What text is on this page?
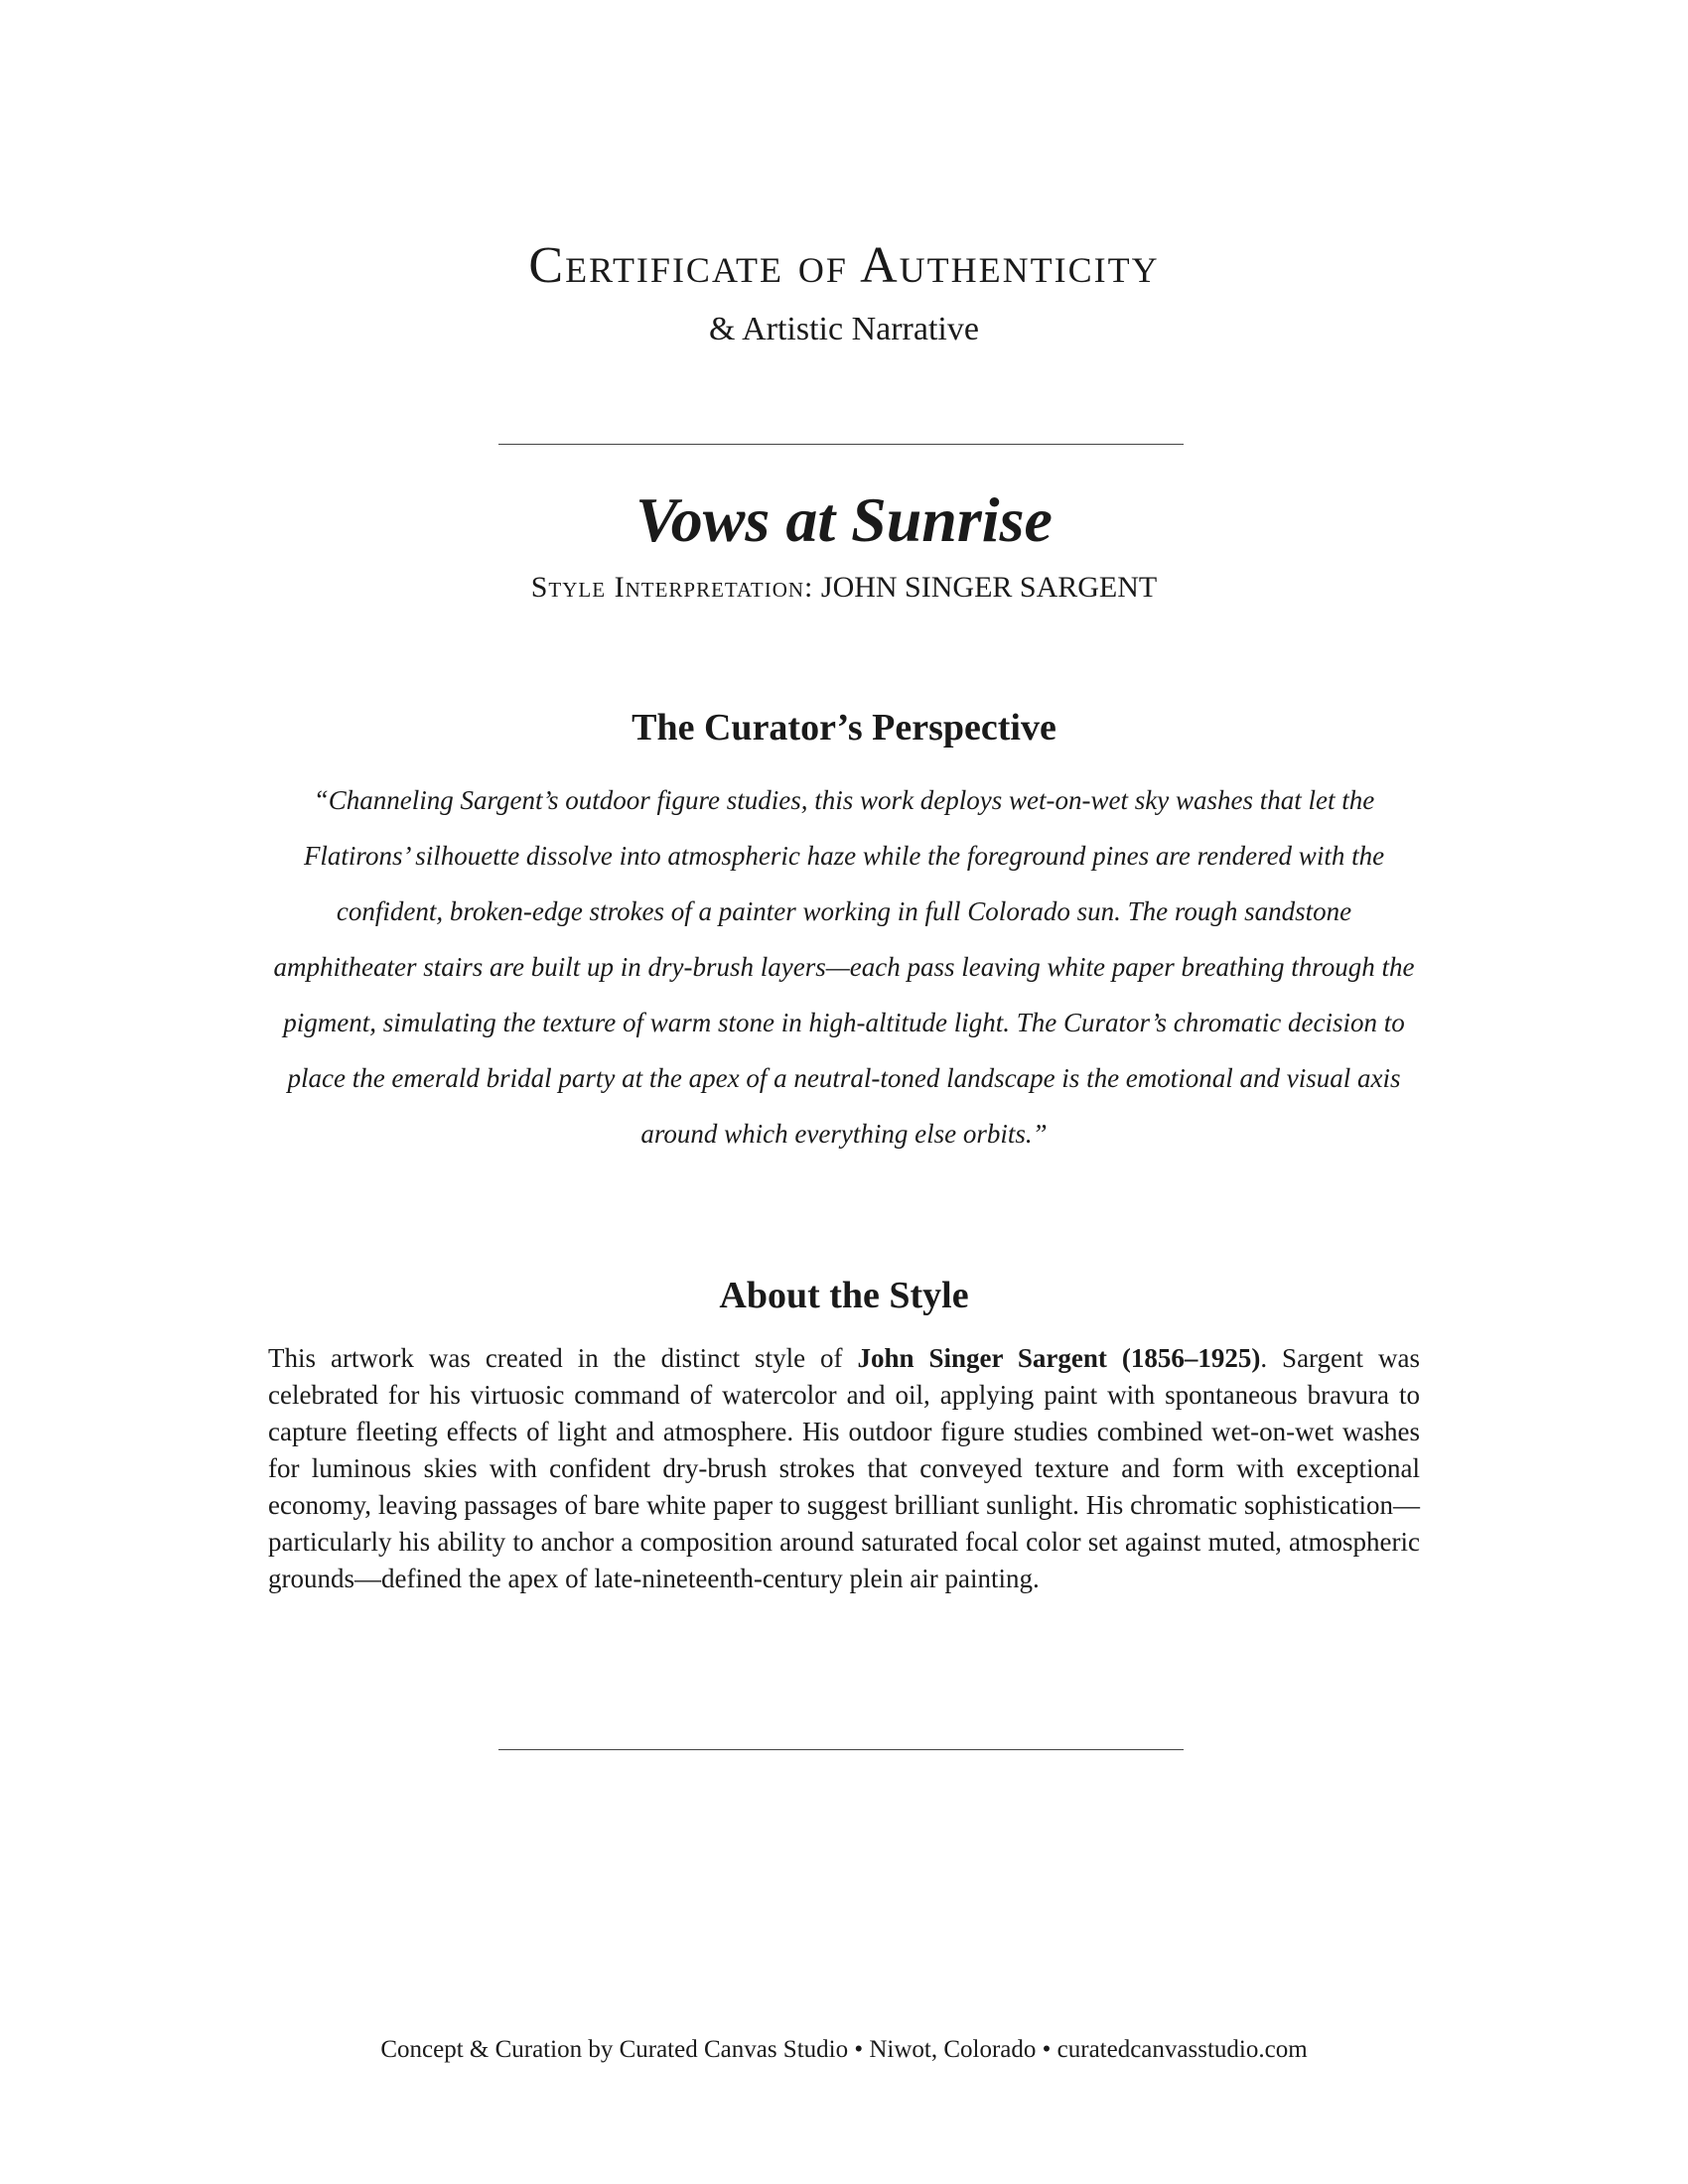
Certificate of Authenticity
& Artistic Narrative
Vows at Sunrise
Style Interpretation: JOHN SINGER SARGENT
The Curator’s Perspective
“Channeling Sargent’s outdoor figure studies, this work deploys wet-on-wet sky washes that let the Flatirons’ silhouette dissolve into atmospheric haze while the foreground pines are rendered with the confident, broken-edge strokes of a painter working in full Colorado sun. The rough sandstone amphitheater stairs are built up in dry-brush layers—each pass leaving white paper breathing through the pigment, simulating the texture of warm stone in high-altitude light. The Curator’s chromatic decision to place the emerald bridal party at the apex of a neutral-toned landscape is the emotional and visual axis around which everything else orbits.”
About the Style
This artwork was created in the distinct style of John Singer Sargent (1856–1925). Sargent was celebrated for his virtuosic command of watercolor and oil, applying paint with spontaneous bravura to capture fleeting effects of light and atmosphere. His outdoor figure studies combined wet-on-wet washes for luminous skies with confident dry-brush strokes that conveyed texture and form with exceptional economy, leaving passages of bare white paper to suggest brilliant sunlight. His chromatic sophistication—particularly his ability to anchor a composition around saturated focal color set against muted, atmospheric grounds—defined the apex of late-nineteenth-century plein air painting.
Concept & Curation by Curated Canvas Studio • Niwot, Colorado • curatedcanvasstudio.com
